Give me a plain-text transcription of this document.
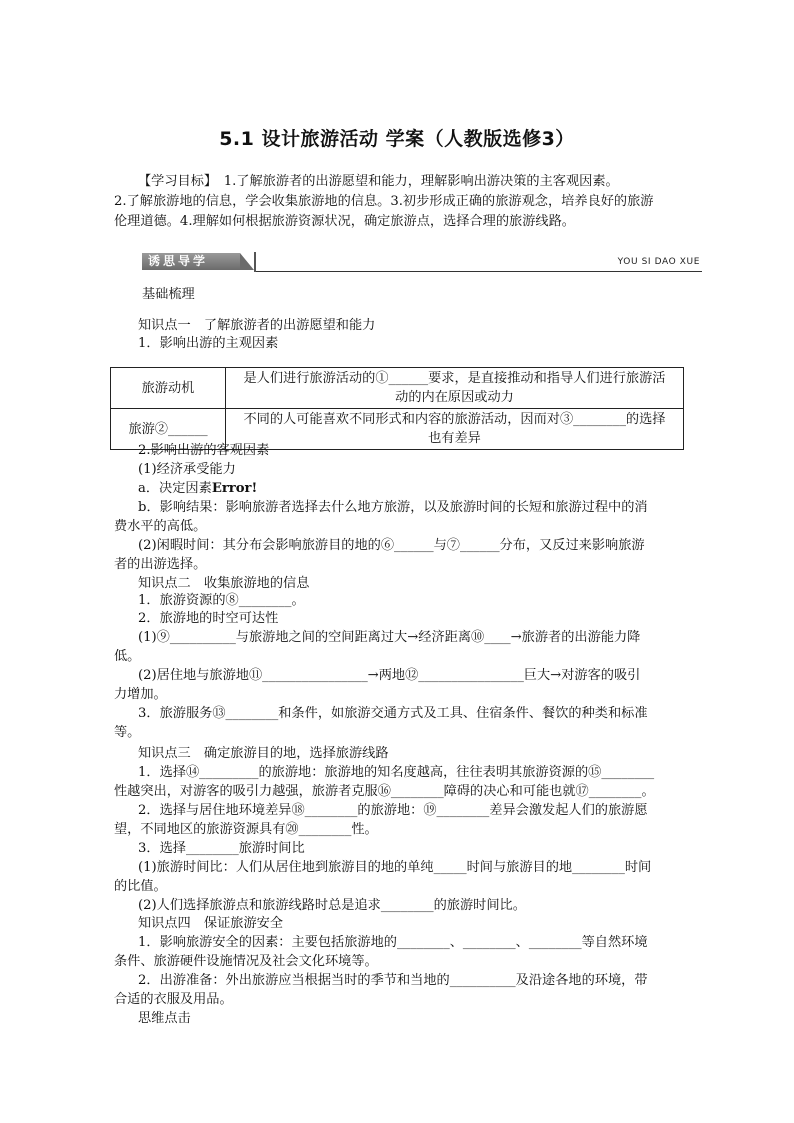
5.1 设计旅游活动 学案（人教版选修3）
【学习目标】　1.了解旅游者的出游愿望和能力，理解影响出游决策的主客观因素。
2.了解旅游地的信息，学会收集旅游地的信息。3.初步形成正确的旅游观念，培养良好的旅游
伦理道德。4.理解如何根据旅游资源状况，确定旅游点，选择合理的旅游线路。
诱思导学	YOU SI DAO XUE
基础梳理
知识点一　了解旅游者的出游愿望和能力
1．影响出游的主观因素
旅游动机	是人们进行旅游活动的①______要求，是直接推动和指导人们进行旅游活
动的内在原因或动力

旅游②______	不同的人可能喜欢不同形式和内容的旅游活动，因而对③________的选择
也有差异
2.影响出游的客观因素
(1)经济承受能力
a．决定因素Error!
b．影响结果：影响旅游者选择去什么地方旅游，以及旅游时间的长短和旅游过程中的消
费水平的高低。
(2)闲暇时间：其分布会影响旅游目的地的⑥______与⑦______分布，又反过来影响旅游
者的出游选择。
知识点二　收集旅游地的信息
1．旅游资源的⑧________。
2．旅游地的时空可达性
(1)⑨__________与旅游地之间的空间距离过大→经济距离⑩____→旅游者的出游能力降
低。
(2)居住地与旅游地⑪________________→两地⑫________________巨大→对游客的吸引
力增加。
3．旅游服务⑬________和条件，如旅游交通方式及工具、住宿条件、餐饮的种类和标准
等。
知识点三　确定旅游目的地，选择旅游线路
1．选择⑭_________的旅游地：旅游地的知名度越高，往往表明其旅游资源的⑮________
性越突出，对游客的吸引力越强，旅游者克服⑯________障碍的决心和可能也就⑰________。
2．选择与居住地环境差异⑱________的旅游地：⑲________差异会激发起人们的旅游愿
望，不同地区的旅游资源具有⑳________性。
3．选择________旅游时间比
(1)旅游时间比：人们从居住地到旅游目的地的单纯_____时间与旅游目的地________时间
的比值。
(2)人们选择旅游点和旅游线路时总是追求________的旅游时间比。
知识点四　保证旅游安全
1．影响旅游安全的因素：主要包括旅游地的________、________、________等自然环境
条件、旅游硬件设施情况及社会文化环境等。
2．出游准备：外出旅游应当根据当时的季节和当地的__________及沿途各地的环境，带
合适的衣服及用品。
思维点击
